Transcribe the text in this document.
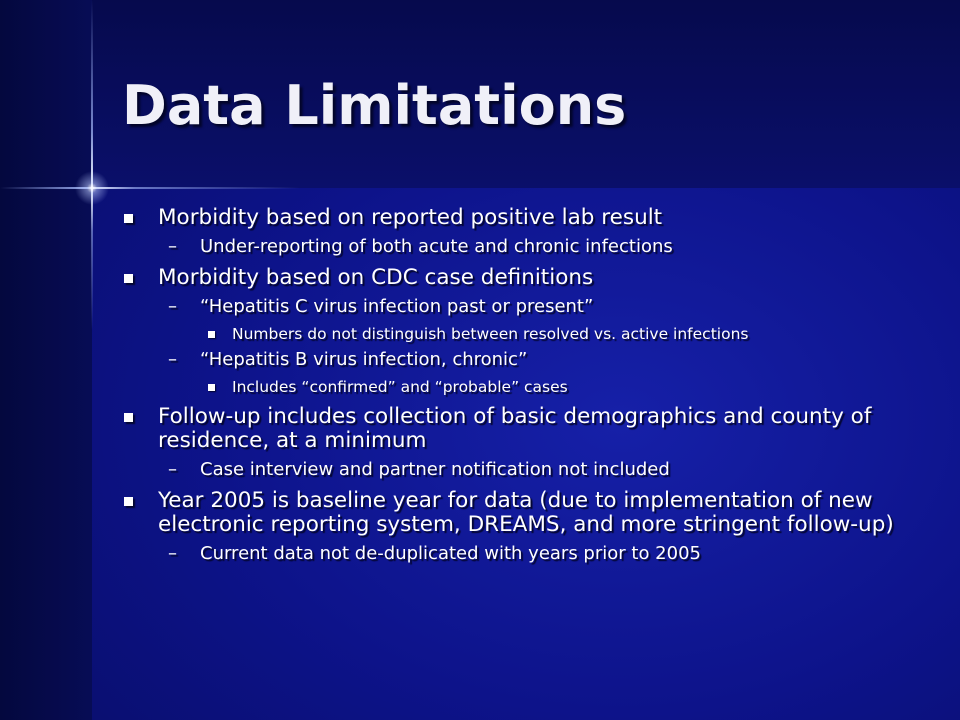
Data Limitations

Morbidity based on reported positive lab result

– Under-reporting of both acute and chronic infections

Morbidity based on CDC case definitions

– “Hepatitis C virus infection past or present”

Numbers do not distinguish between resolved vs. active infections

– “Hepatitis B virus infection, chronic”

Includes “confirmed” and “probable” cases

Follow-up includes collection of basic demographics and county of residence, at a minimum

– Case interview and partner notification not included

Year 2005 is baseline year for data (due to implementation of new electronic reporting system, DREAMS, and more stringent follow-up)

– Current data not de-duplicated with years prior to 2005
